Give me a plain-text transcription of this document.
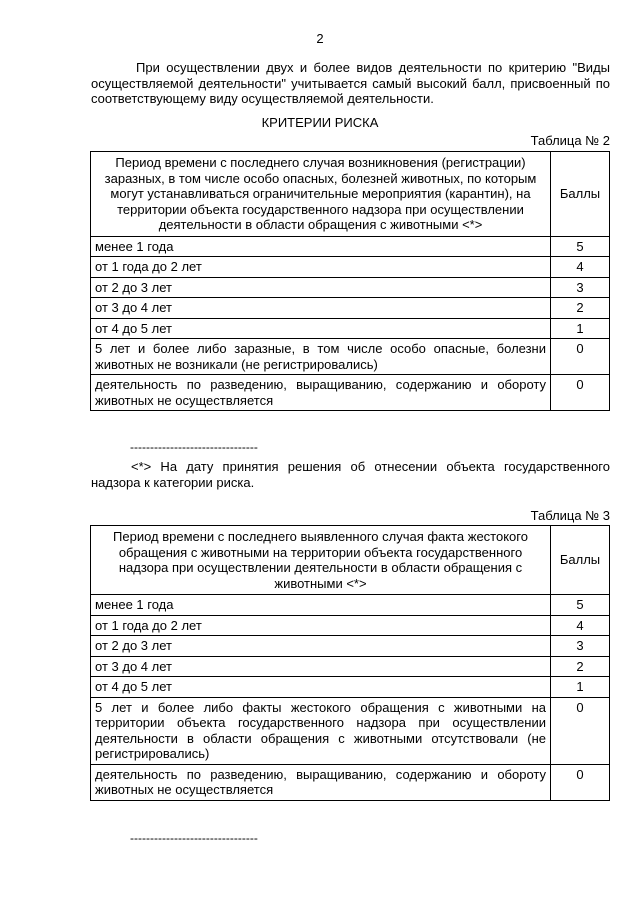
2

При осуществлении двух и более видов деятельности по критерию "Виды осуществляемой деятельности" учитывается самый высокий балл, присвоенный по соответствующему виду осуществляемой деятельности.

КРИТЕРИИ РИСКА
Таблица № 2
Период времени с последнего случая возникновения (регистрации) заразных, в том числе особо опасных, болезней животных, по которым могут устанавливаться ограничительные мероприятия (карантин), на территории объекта государственного надзора при осуществлении деятельности в области обращения с животными <*>	Баллы
менее 1 года	5
от 1 года до 2 лет	4
от 2 до 3 лет	3
от 3 до 4 лет	2
от 4 до 5 лет	1
5 лет и более либо заразные, в том числе особо опасные, болезни животных не возникали (не регистрировались)	0
деятельность по разведению, выращиванию, содержанию и обороту животных не осуществляется	0
--------------------------------

<*> На дату принятия решения об отнесении объекта государственного надзора к категории риска.

Таблица № 3
Период времени с последнего выявленного случая факта жестокого обращения с животными на территории объекта государственного надзора при осуществлении деятельности в области обращения с животными <*>	Баллы
менее 1 года	5
от 1 года до 2 лет	4
от 2 до 3 лет	3
от 3 до 4 лет	2
от 4 до 5 лет	1
5 лет и более либо факты жестокого обращения с животными на территории объекта государственного надзора при осуществлении деятельности в области обращения с животными отсутствовали (не регистрировались)	0
деятельность по разведению, выращиванию, содержанию и обороту животных не осуществляется	0
--------------------------------
